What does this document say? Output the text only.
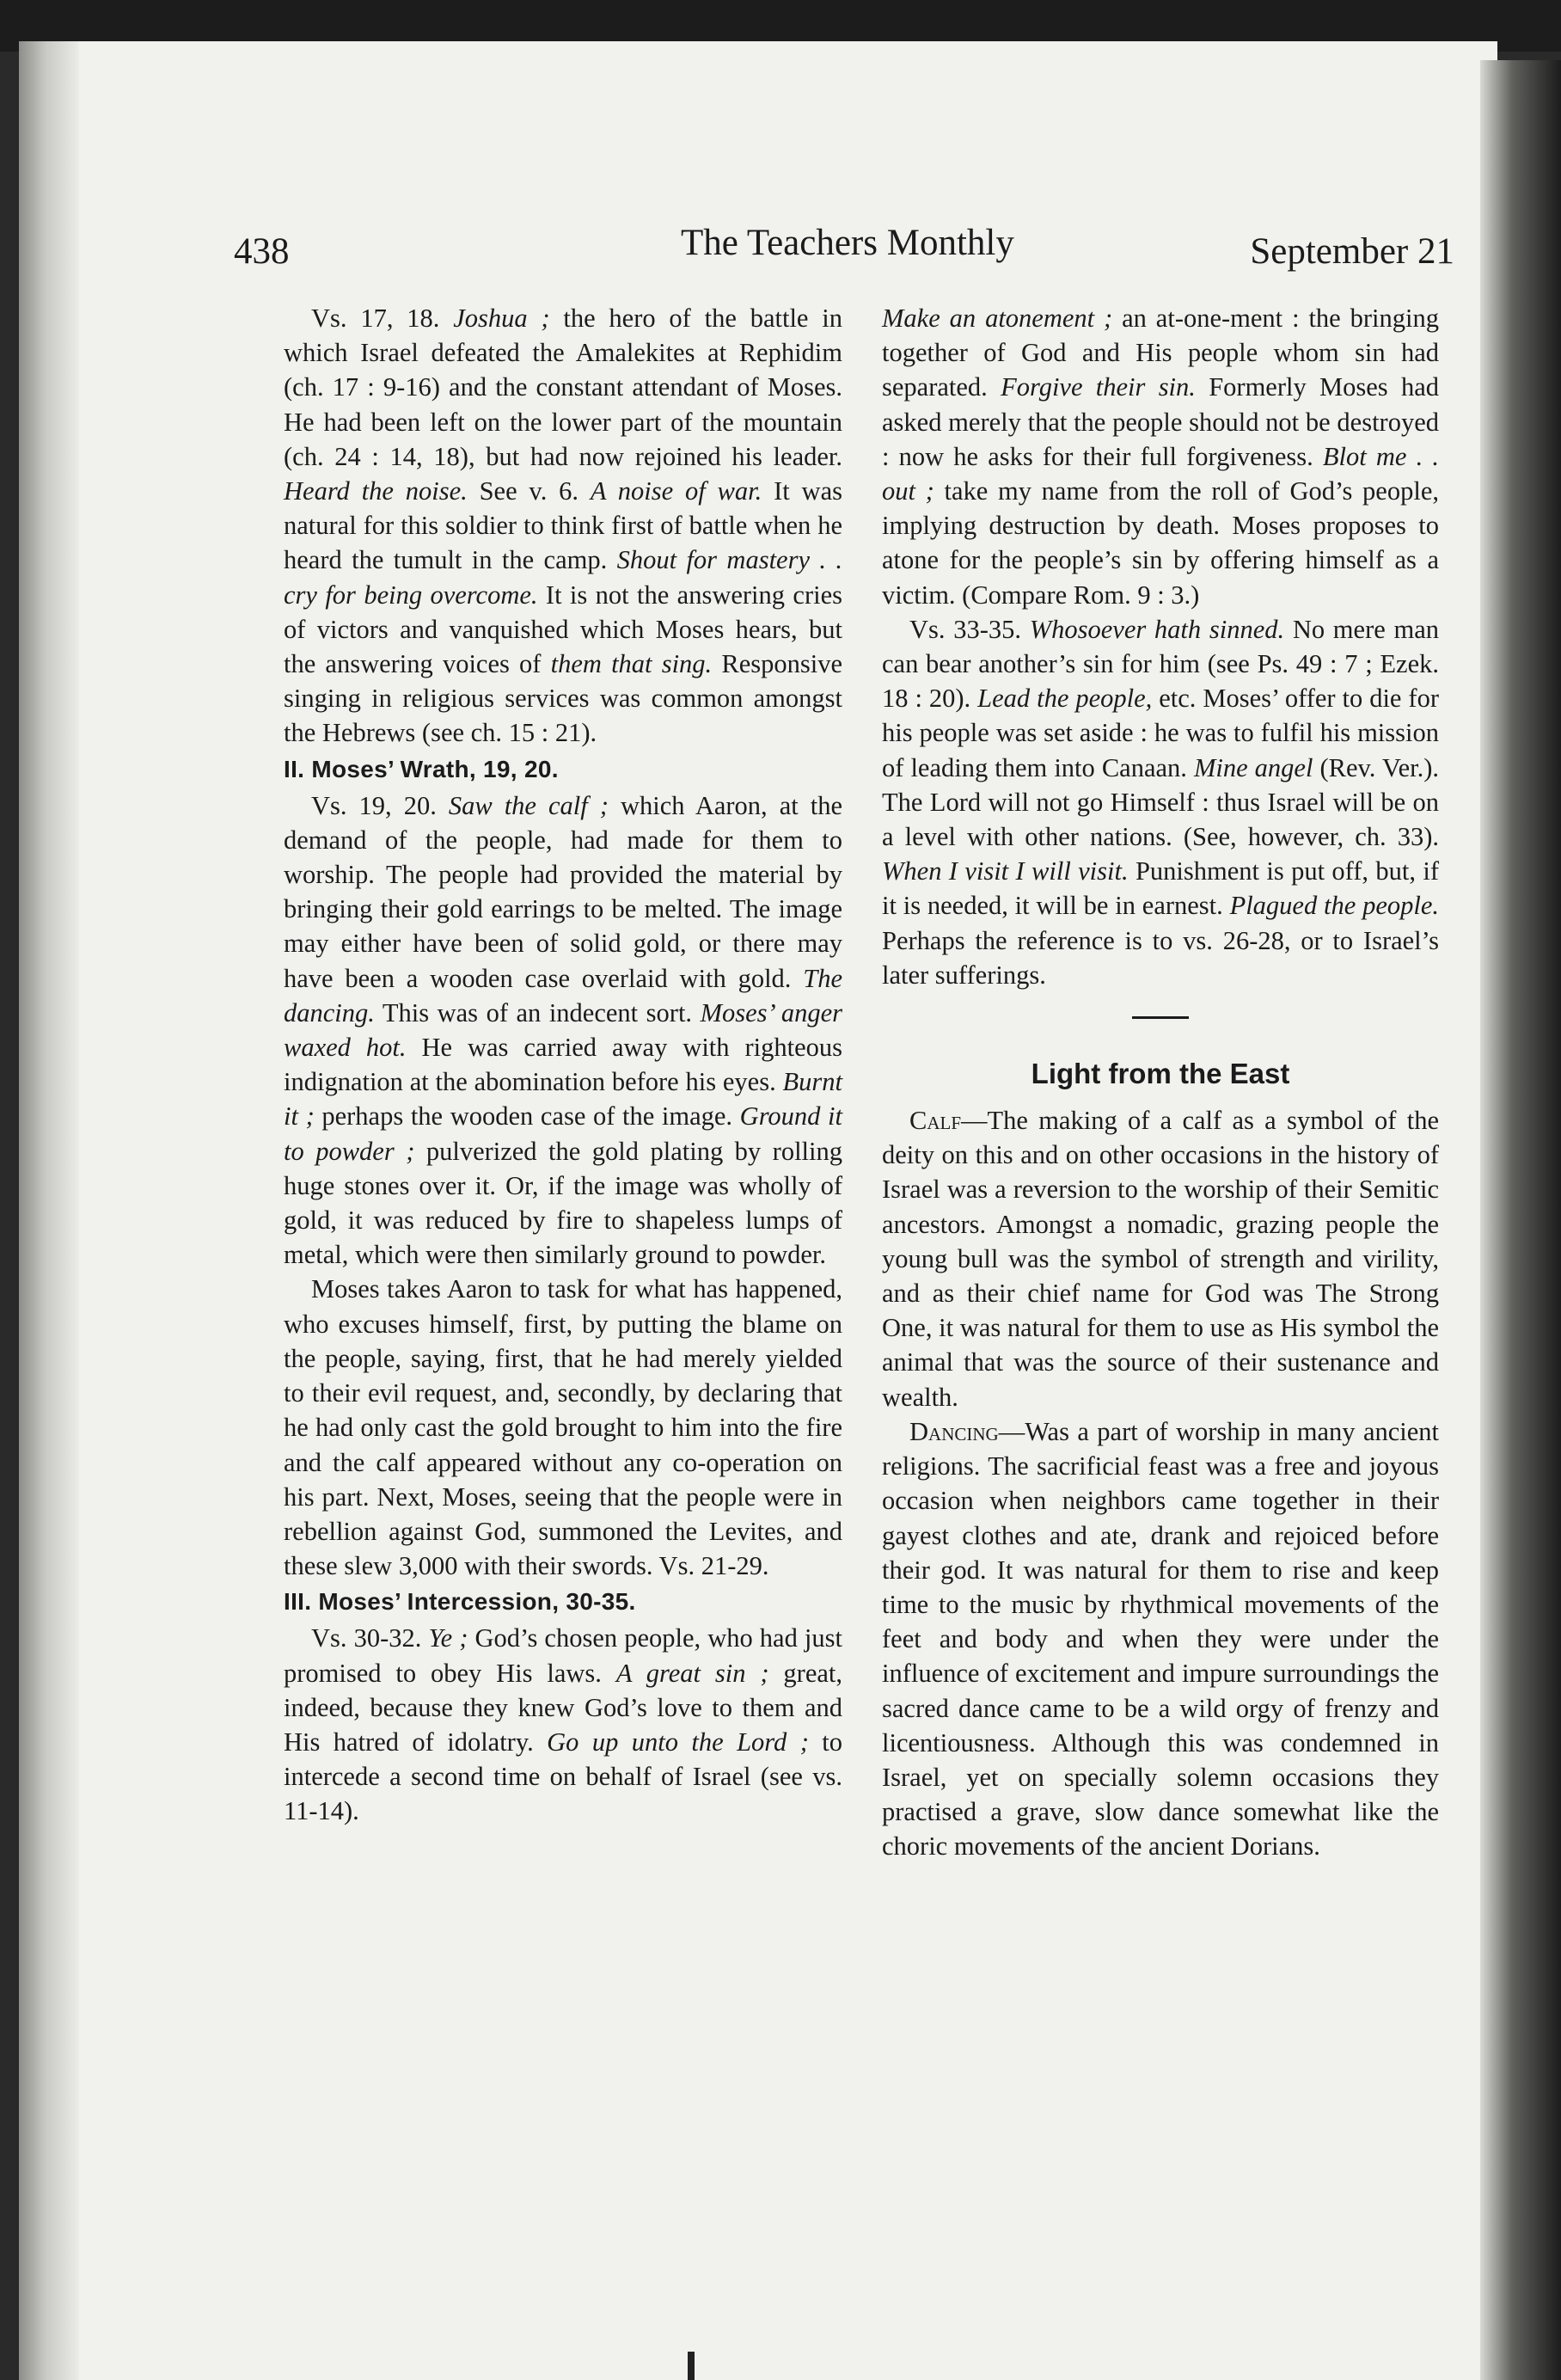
438	The Teachers Monthly	September 21

Vs. 17, 18. Joshua ; the hero of the battle in which Israel defeated the Amalekites at Rephidim (ch. 17 : 9-16) and the constant attendant of Moses. He had been left on the lower part of the mountain (ch. 24 : 14, 18), but had now rejoined his leader. Heard the noise. See v. 6. A noise of war. It was natural for this soldier to think first of battle when he heard the tumult in the camp. Shout for mastery . . cry for being overcome. It is not the answering cries of victors and vanquished which Moses hears, but the answering voices of them that sing. Responsive singing in religious services was common amongst the Hebrews (see ch. 15 : 21).

II. Moses’ Wrath, 19, 20.

Vs. 19, 20. Saw the calf ; which Aaron, at the demand of the people, had made for them to worship. The people had provided the material by bringing their gold earrings to be melted. The image may either have been of solid gold, or there may have been a wooden case overlaid with gold. The dancing. This was of an indecent sort. Moses’ anger waxed hot. He was carried away with righteous indignation at the abomination before his eyes. Burnt it ; perhaps the wooden case of the image. Ground it to powder ; pulverized the gold plating by rolling huge stones over it. Or, if the image was wholly of gold, it was reduced by fire to shapeless lumps of metal, which were then similarly ground to powder.

Moses takes Aaron to task for what has happened, who excuses himself, first, by putting the blame on the people, saying, first, that he had merely yielded to their evil request, and, secondly, by declaring that he had only cast the gold brought to him into the fire and the calf appeared without any co-operation on his part. Next, Moses, seeing that the people were in rebellion against God, summoned the Levites, and these slew 3,000 with their swords. Vs. 21-29.

III. Moses’ Intercession, 30-35.

Vs. 30-32. Ye ; God’s chosen people, who had just promised to obey His laws. A great sin ; great, indeed, because they knew God’s love to them and His hatred of idolatry. Go up unto the Lord ; to intercede a second time on behalf of Israel (see vs. 11-14).

Make an atonement ; an at-one-ment : the bringing together of God and His people whom sin had separated. Forgive their sin. Formerly Moses had asked merely that the people should not be destroyed : now he asks for their full forgiveness. Blot me . . out ; take my name from the roll of God’s people, implying destruction by death. Moses proposes to atone for the people’s sin by offering himself as a victim. (Compare Rom. 9 : 3.)

Vs. 33-35. Whosoever hath sinned. No mere man can bear another’s sin for him (see Ps. 49 : 7 ; Ezek. 18 : 20). Lead the people, etc. Moses’ offer to die for his people was set aside : he was to fulfil his mission of leading them into Canaan. Mine angel (Rev. Ver.). The Lord will not go Himself : thus Israel will be on a level with other nations. (See, however, ch. 33). When I visit I will visit. Punishment is put off, but, if it is needed, it will be in earnest. Plagued the people. Perhaps the reference is to vs. 26-28, or to Israel’s later sufferings.

Light from the East

Calf—The making of a calf as a symbol of the deity on this and on other occasions in the history of Israel was a reversion to the worship of their Semitic ancestors. Amongst a nomadic, grazing people the young bull was the symbol of strength and virility, and as their chief name for God was The Strong One, it was natural for them to use as His symbol the animal that was the source of their sustenance and wealth.

Dancing—Was a part of worship in many ancient religions. The sacrificial feast was a free and joyous occasion when neighbors came together in their gayest clothes and ate, drank and rejoiced before their god. It was natural for them to rise and keep time to the music by rhythmical movements of the feet and body and when they were under the influence of excitement and impure surroundings the sacred dance came to be a wild orgy of frenzy and licentiousness. Although this was condemned in Israel, yet on specially solemn occasions they practised a grave, slow dance somewhat like the choric movements of the ancient Dorians.
